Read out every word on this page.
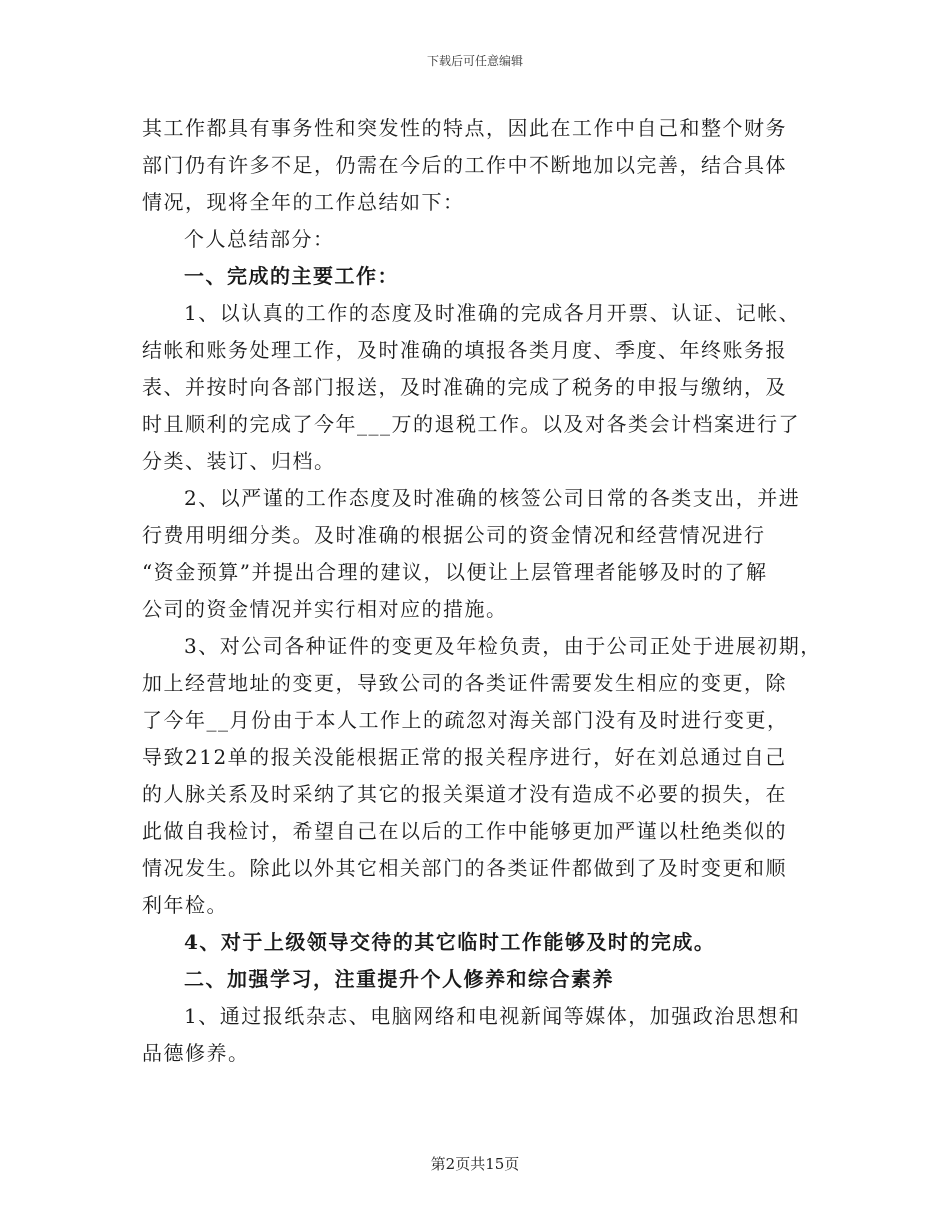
下载后可任意编辑
其工作都具有事务性和突发性的特点，因此在工作中自己和整个财务
部门仍有许多不足，仍需在今后的工作中不断地加以完善，结合具体
情况，现将全年的工作总结如下：
个人总结部分：
一、完成的主要工作：
1、以认真的工作的态度及时准确的完成各月开票、认证、记帐、
结帐和账务处理工作，及时准确的填报各类月度、季度、年终账务报
表、并按时向各部门报送，及时准确的完成了税务的申报与缴纳，及
时且顺利的完成了今年___万的退税工作。以及对各类会计档案进行了
分类、装订、归档。
2、以严谨的工作态度及时准确的核签公司日常的各类支出，并进
行费用明细分类。及时准确的根据公司的资金情况和经营情况进行
“资金预算”并提出合理的建议，以便让上层管理者能够及时的了解
公司的资金情况并实行相对应的措施。
3、对公司各种证件的变更及年检负责，由于公司正处于进展初期，
加上经营地址的变更，导致公司的各类证件需要发生相应的变更，除
了今年__月份由于本人工作上的疏忽对海关部门没有及时进行变更，
导致212单的报关没能根据正常的报关程序进行，好在刘总通过自己
的人脉关系及时采纳了其它的报关渠道才没有造成不必要的损失，在
此做自我检讨，希望自己在以后的工作中能够更加严谨以杜绝类似的
情况发生。除此以外其它相关部门的各类证件都做到了及时变更和顺
利年检。
4、对于上级领导交待的其它临时工作能够及时的完成。
二、加强学习，注重提升个人修养和综合素养
1、通过报纸杂志、电脑网络和电视新闻等媒体，加强政治思想和
品德修养。
第2页共15页
